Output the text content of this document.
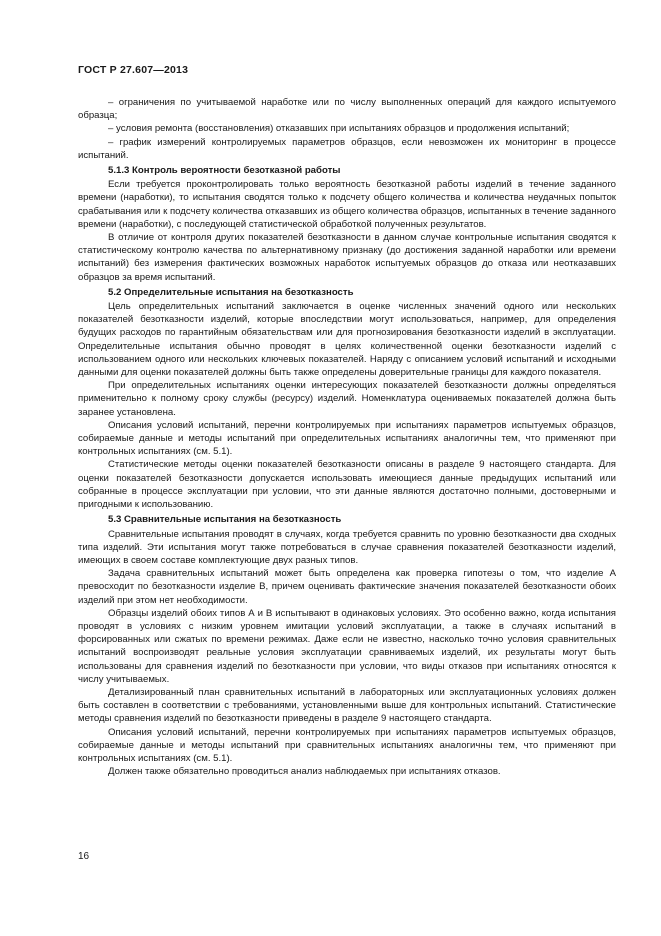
ГОСТ Р 27.607—2013

– ограничения по учитываемой наработке или по числу выполненных операций для каждого испытуемого образца;

– условия ремонта (восстановления) отказавших при испытаниях образцов и продолжения испытаний;

– график измерений контролируемых параметров образцов, если невозможен их мониторинг в процессе испытаний.

5.1.3 Контроль вероятности безотказной работы

Если требуется проконтролировать только вероятность безотказной работы изделий в течение заданного времени (наработки), то испытания сводятся только к подсчету общего количества и количества неудачных попыток срабатывания или к подсчету количества отказавших из общего количества образцов, испытанных в течение заданного времени (наработки), с последующей статистической обработкой полученных результатов.

В отличие от контроля других показателей безотказности в данном случае контрольные испытания сводятся к статистическому контролю качества по альтернативному признаку (до достижения заданной наработки или времени испытаний) без измерения фактических возможных наработок испытуемых образцов до отказа или неотказавших образцов за время испытаний.

5.2 Определительные испытания на безотказность

Цель определительных испытаний заключается в оценке численных значений одного или нескольких показателей безотказности изделий, которые впоследствии могут использоваться, например, для определения будущих расходов по гарантийным обязательствам или для прогнозирования безотказности изделий в эксплуатации. Определительные испытания обычно проводят в целях количественной оценки безотказности изделий с использованием одного или нескольких ключевых показателей. Наряду с описанием условий испытаний и исходными данными для оценки показателей должны быть также определены доверительные границы для каждого показателя.

При определительных испытаниях оценки интересующих показателей безотказности должны определяться применительно к полному сроку службы (ресурсу) изделий. Номенклатура оцениваемых показателей должна быть заранее установлена.

Описания условий испытаний, перечни контролируемых при испытаниях параметров испытуемых образцов, собираемые данные и методы испытаний при определительных испытаниях аналогичны тем, что применяют при контрольных испытаниях (см. 5.1).

Статистические методы оценки показателей безотказности описаны в разделе 9 настоящего стандарта. Для оценки показателей безотказности допускается использовать имеющиеся данные предыдущих испытаний или собранные в процессе эксплуатации при условии, что эти данные являются достаточно полными, достоверными и пригодными к использованию.

5.3 Сравнительные испытания на безотказность

Сравнительные испытания проводят в случаях, когда требуется сравнить по уровню безотказности два сходных типа изделий. Эти испытания могут также потребоваться в случае сравнения показателей безотказности изделий, имеющих в своем составе комплектующие двух разных типов.

Задача сравнительных испытаний может быть определена как проверка гипотезы о том, что изделие А превосходит по безотказности изделие В, причем оценивать фактические значения показателей безотказности обоих изделий при этом нет необходимости.

Образцы изделий обоих типов А и В испытывают в одинаковых условиях. Это особенно важно, когда испытания проводят в условиях с низким уровнем имитации условий эксплуатации, а также в случаях испытаний в форсированных или сжатых по времени режимах. Даже если не известно, насколько точно условия сравнительных испытаний воспроизводят реальные условия эксплуатации сравниваемых изделий, их результаты могут быть использованы для сравнения изделий по безотказности при условии, что виды отказов при испытаниях относятся к числу учитываемых.

Детализированный план сравнительных испытаний в лабораторных или эксплуатационных условиях должен быть составлен в соответствии с требованиями, установленными выше для контрольных испытаний. Статистические методы сравнения изделий по безотказности приведены в разделе 9 настоящего стандарта.

Описания условий испытаний, перечни контролируемых при испытаниях параметров испытуемых образцов, собираемые данные и методы испытаний при сравнительных испытаниях аналогичны тем, что применяют при контрольных испытаниях (см. 5.1).

Должен также обязательно проводиться анализ наблюдаемых при испытаниях отказов.

16
